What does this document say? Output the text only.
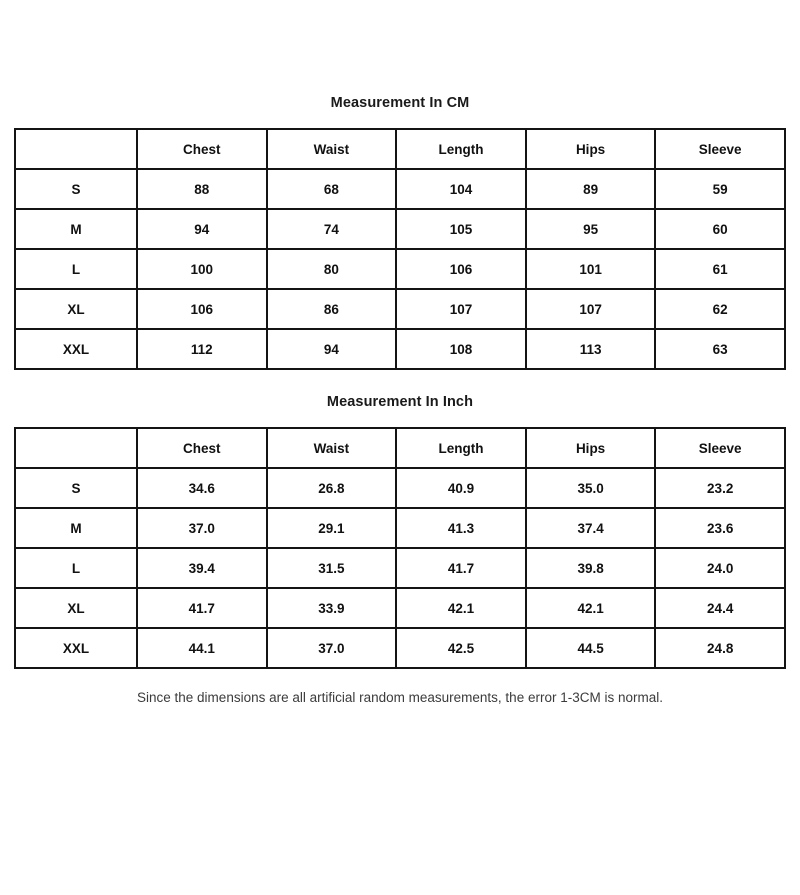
Measurement In CM
	Chest	Waist	Length	Hips	Sleeve
S	88	68	104	89	59
M	94	74	105	95	60
L	100	80	106	101	61
XL	106	86	107	107	62
XXL	112	94	108	113	63
Measurement In Inch
	Chest	Waist	Length	Hips	Sleeve
S	34.6	26.8	40.9	35.0	23.2
M	37.0	29.1	41.3	37.4	23.6
L	39.4	31.5	41.7	39.8	24.0
XL	41.7	33.9	42.1	42.1	24.4
XXL	44.1	37.0	42.5	44.5	24.8
Since the dimensions are all artificial random measurements, the error 1-3CM is normal.
